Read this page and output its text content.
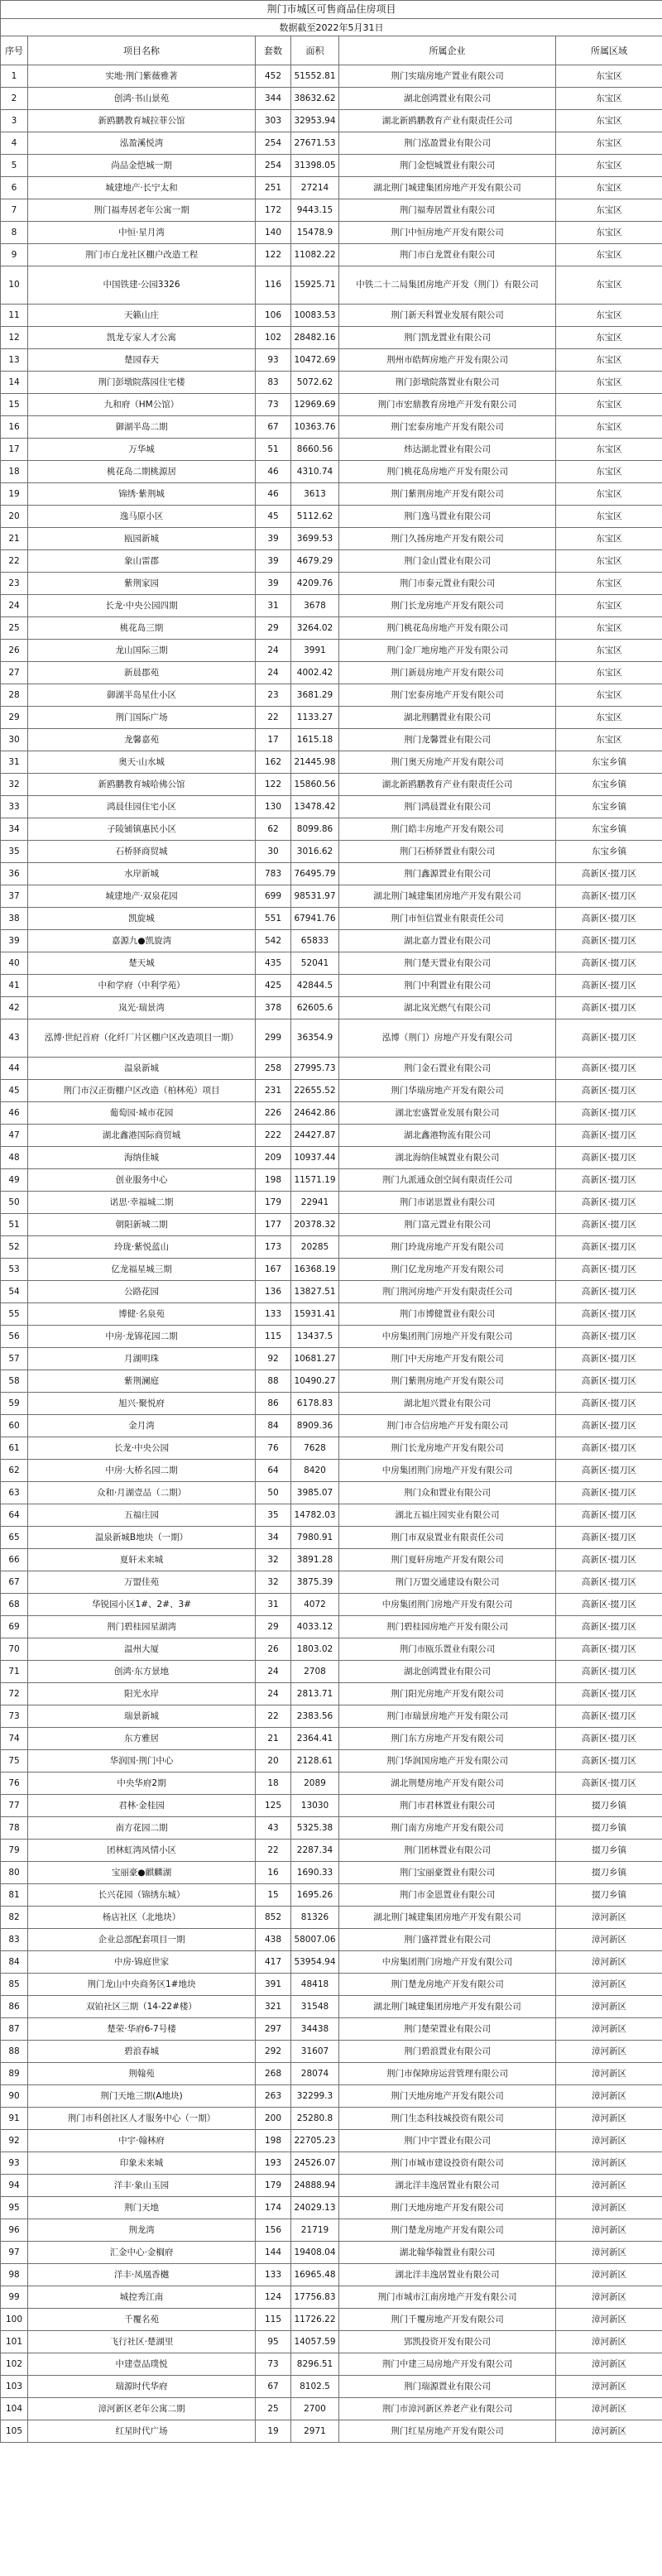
荆门市城区可售商品住房项目					
数据截至2022年5月31日					
序号	项目名称	套数	面积	所属企业	所属区域
1	实地·荆门紫薇雅著	452	51552.81	荆门实瑞房地产置业有限公司	东宝区
2	创鸿·书山景苑	344	38632.62	湖北创鸿置业有限公司	东宝区
3	新鸥鹏教育城拉菲公馆	303	32953.94	湖北新鸥鹏教育产业有限责任公司	东宝区
4	泓盈溪悦湾	254	27671.53	荆门泓盈置业有限公司	东宝区
5	尚品金恺城一期	254	31398.05	荆门金恺城置业有限公司	东宝区
6	城建地产·长宁太和	251	27214	湖北荆门城建集团房地产开发有限公司	东宝区
7	荆门福寿居老年公寓一期	172	9443.15	荆门福寿居置业有限公司	东宝区
8	中恒·星月湾	140	15478.9	荆门中恒房地产开发有限公司	东宝区
9	荆门市白龙社区棚户改造工程	122	11082.22	荆门市白龙置业有限公司	东宝区
10	中国铁建·公园3326	116	15925.71	中铁二十二局集团房地产开发（荆门）有限公司	东宝区
11	天籁山庄	106	10083.53	荆门新天科置业发展有限公司	东宝区
12	凯龙专家人才公寓	102	28482.16	荆门凯龙置业有限公司	东宝区
13	楚园春天	93	10472.69	荆州市皓辉房地产开发有限公司	东宝区
14	荆门彭墩院落园住宅楼	83	5072.62	荆门彭墩院落置业有限公司	东宝区
15	九和府（HM公馆）	73	12969.69	荆门市宏鼎教育房地产开发有限公司	东宝区
16	御湖半岛二期	67	10363.76	荆门宏泰房地产开发有限公司	东宝区
17	万华城	51	8660.56	炜达湖北置业有限公司	东宝区
18	桃花岛二期桃源居	46	4310.74	荆门桃花岛房地产开发有限公司	东宝区
19	锦绣·紫荆城	46	3613	荆门紫荆房地产开发有限公司	东宝区
20	逸马原小区	45	5112.62	荆门逸马置业有限公司	东宝区
21	瓯园新城	39	3699.53	荆门久扬房地产开发有限公司	东宝区
22	象山雷郡	39	4679.29	荆门金山置业有限公司	东宝区
23	紫荆家园	39	4209.76	荆门市泰元置业有限公司	东宝区
24	长龙·中央公园四期	31	3678	荆门长龙房地产开发有限公司	东宝区
25	桃花岛三期	29	3264.02	荆门桃花岛房地产开发有限公司	东宝区
26	龙山国际三期	24	3991	荆门金厂地房地产开发有限公司	东宝区
27	新晨郡苑	24	4002.42	荆门新晨房地产开发有限公司	东宝区
28	御湖半岛星仕小区	23	3681.29	荆门宏泰房地产开发有限公司	东宝区
29	荆门国际广场	22	1133.27	湖北荆鹏置业有限公司	东宝区
30	龙馨嘉苑	17	1615.18	荆门龙馨置业有限公司	东宝区
31	奥天·山水城	162	21445.98	荆门奥天房地产开发有限公司	东宝乡镇
32	新鸥鹏教育城哈佛公馆	122	15860.56	湖北新鸥鹏教育产业有限责任公司	东宝乡镇
33	鸿晨佳园住宅小区	130	13478.42	荆门鸿晨置业有限公司	东宝乡镇
34	子陵铺镇惠民小区	62	8099.86	荆门皓丰房地产开发有限公司	东宝乡镇
35	石桥驿商贸城	30	3016.62	荆门石桥驿置业有限公司	东宝乡镇
36	水岸新城	783	76495.79	荆门鑫源置业有限公司	高新区·掇刀区
37	城建地产·双泉花园	699	98531.97	湖北荆门城建集团房地产开发有限公司	高新区·掇刀区
38	凯旋城	551	67941.76	荆门市恒信置业有限责任公司	高新区·掇刀区
39	嘉源九●凯旋湾	542	65833	湖北嘉力置业有限公司	高新区·掇刀区
40	楚天城	435	52041	荆门楚天置业有限公司	高新区·掇刀区
41	中和学府（中利学苑）	425	42844.5	荆门中利置业有限公司	高新区·掇刀区
42	岚光·瑞景湾	378	62605.6	湖北岚光燃气有限公司	高新区·掇刀区
43	泓博·世纪首府（化纤厂片区棚户区改造项目一期）	299	36354.9	泓博（荆门）房地产开发有限公司	高新区·掇刀区
44	温泉新城	258	27995.73	荆门金石置业有限公司	高新区·掇刀区
45	荆门市汉正街棚户区改造（柏林苑）项目	231	22655.52	荆门华瑞房地产开发有限公司	高新区·掇刀区
46	葡萄园·城市花园	226	24642.86	湖北宏盛置业发展有限公司	高新区·掇刀区
47	湖北鑫港国际商贸城	222	24427.87	湖北鑫港物流有限公司	高新区·掇刀区
48	海纳佳城	209	10937.44	湖北海纳佳城置业有限公司	高新区·掇刀区
49	创业服务中心	198	11571.19	荆门九派通众创空间有限责任公司	高新区·掇刀区
50	诺思·幸福城二期	179	22941	荆门市诺思置业有限公司	高新区·掇刀区
51	朝阳新城二期	177	20378.32	荆门富元置业有限公司	高新区·掇刀区
52	玲珑·紫悦蓝山	173	20285	荆门玲珑房地产开发有限公司	高新区·掇刀区
53	亿龙福星城三期	167	16368.19	荆门亿龙房地产开发有限公司	高新区·掇刀区
54	公路花园	136	13827.51	荆门荆河房地产开发有限责任公司	高新区·掇刀区
55	博健·名泉苑	133	15931.41	荆门市博健置业有限公司	高新区·掇刀区
56	中房·龙锦花园二期	115	13437.5	中房集团荆门房地产开发有限公司	高新区·掇刀区
57	月湖明珠	92	10681.27	荆门中天房地产开发有限公司	高新区·掇刀区
58	紫荆澜庭	88	10490.27	荆门紫荆房地产开发有限公司	高新区·掇刀区
59	旭兴·聚悦府	86	6178.83	湖北旭兴置业有限公司	高新区·掇刀区
60	金月湾	84	8909.36	荆门市合信房地产开发有限公司	高新区·掇刀区
61	长龙·中央公园	76	7628	荆门长龙房地产开发有限公司	高新区·掇刀区
62	中房·大桥名园二期	64	8420	中房集团荆门房地产开发有限公司	高新区·掇刀区
63	众和·月湖壹品（二期）	50	3985.07	荆门众和置业有限公司	高新区·掇刀区
64	五福庄园	35	14782.03	湖北五福庄园实业有限公司	高新区·掇刀区
65	温泉新城B地块（一期）	34	7980.91	荆门市双泉置业有限责任公司	高新区·掇刀区
66	夏轩未来城	32	3891.28	荆门夏轩房地产开发有限公司	高新区·掇刀区
67	万盟佳苑	32	3875.39	荆门万盟交通建设有限公司	高新区·掇刀区
68	华锐园小区1#、2#、3#	31	4072	中房集团荆门房地产开发有限公司	高新区·掇刀区
69	荆门碧桂园星湖湾	29	4033.12	荆门碧桂园房地产开发有限公司	高新区·掇刀区
70	温州大厦	26	1803.02	荆门市瓯乐置业有限公司	高新区·掇刀区
71	创鸿·东方景地	24	2708	湖北创鸿置业有限公司	高新区·掇刀区
72	阳光水岸	24	2813.71	荆门阳光房地产开发有限公司	高新区·掇刀区
73	瑞景新城	22	2383.56	荆门市瑞景房地产开发有限公司	高新区·掇刀区
74	东方雅居	21	2364.41	荆门东方房地产开发有限公司	高新区·掇刀区
75	华润国·荆门中心	20	2128.61	荆门华润国房地产开发有限公司	高新区·掇刀区
76	中央华府2期	18	2089	湖北荆楚房地产开发有限公司	高新区·掇刀区
77	君林·金桂园	125	13030	荆门市君林置业有限公司	掇刀乡镇
78	南方花园二期	43	5325.38	荆门南方房地产开发有限公司	掇刀乡镇
79	团林虹湾风情小区	22	2287.34	荆门团林置业有限公司	掇刀乡镇
80	宝丽豪●麒麟湖	16	1690.33	荆门宝丽豪置业有限公司	掇刀乡镇
81	长兴花园（锦绣东城）	15	1695.26	荆门市金恩置业有限公司	掇刀乡镇
82	杨店社区（北地块）	852	81326	湖北荆门城建集团房地产开发有限公司	漳河新区
83	企业总部配套项目一期	438	58007.06	荆门盛祥置业有限公司	漳河新区
84	中房·锦庭世家	417	53954.94	中房集团荆门房地产开发有限公司	漳河新区
85	荆门龙山中央商务区1#地块	391	48418	荆门楚龙房地产开发有限公司	漳河新区
86	双铂社区三期（14-22#楼）	321	31548	湖北荆门城建集团房地产开发有限公司	漳河新区
87	楚荣·华府6-7号楼	297	34438	荆门楚荣置业有限公司	漳河新区
88	碧浪春城	292	31607	荆门碧浪置业有限公司	漳河新区
89	荆翰苑	268	28074	荆门市保障房运营管理有限公司	漳河新区
90	荆门天地三期(A地块)	263	32299.3	荆门天地房地产开发有限公司	漳河新区
91	荆门市科创社区人才服务中心（一期）	200	25280.8	荆门生态科技城投资有限公司	漳河新区
92	中宇·翰林府	198	22705.23	荆门中宇置业有限公司	漳河新区
93	印象未来城	193	24526.07	荆门市城市建设投资有限公司	漳河新区
94	洋丰·象山玉园	179	24888.94	湖北洋丰逸居置业有限公司	漳河新区
95	荆门天地	174	24029.13	荆门天地房地产开发有限公司	漳河新区
96	荆龙湾	156	21719	荆门楚龙房地产开发有限公司	漳河新区
97	汇金中心·金榈府	144	19408.04	湖北翰华翰置业有限公司	漳河新区
98	洋丰·凤凰香樾	133	16965.48	湖北洋丰逸居置业有限公司	漳河新区
99	城控秀江南	124	17756.83	荆门市城市江南房地产开发有限公司	漳河新区
100	千覆名苑	115	11726.22	荆门千覆房地产开发有限公司	漳河新区
101	飞行社区·楚湖里	95	14057.59	郢凯投资开发有限公司	漳河新区
102	中建壹品璞悦	73	8296.51	荆门中建三局房地产开发有限公司	漳河新区
103	瑞源时代华府	67	8102.5	荆门瑞源置业有限公司	漳河新区
104	漳河新区老年公寓二期	25	2700	荆门市漳河新区养老产业有限公司	漳河新区
105	红星时代广场	19	2971	荆门红星房地产开发有限公司	漳河新区
